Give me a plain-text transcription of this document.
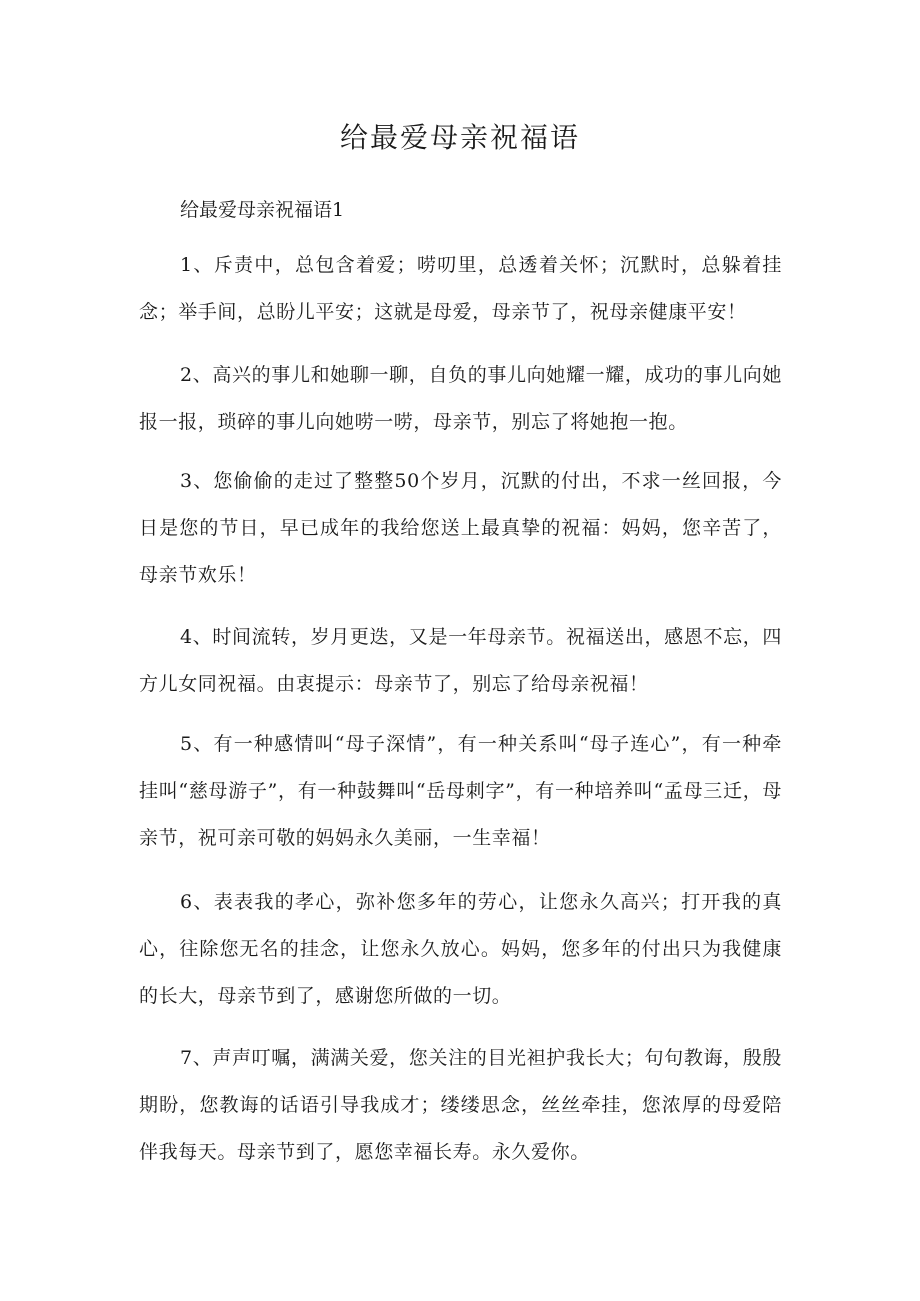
给最爱母亲祝福语

给最爱母亲祝福语1

1、斥责中，总包含着爱；唠叨里，总透着关怀；沉默时，总躲着挂念；举手间，总盼儿平安；这就是母爱，母亲节了，祝母亲健康平安！

2、高兴的事儿和她聊一聊，自负的事儿向她耀一耀，成功的事儿向她报一报，琐碎的事儿向她唠一唠，母亲节，别忘了将她抱一抱。

3、您偷偷的走过了整整50个岁月，沉默的付出，不求一丝回报，今日是您的节日，早已成年的我给您送上最真挚的祝福：妈妈，您辛苦了，母亲节欢乐！

4、时间流转，岁月更迭，又是一年母亲节。祝福送出，感恩不忘，四方儿女同祝福。由衷提示：母亲节了，别忘了给母亲祝福！

5、有一种感情叫“母子深情”，有一种关系叫“母子连心”，有一种牵挂叫“慈母游子”，有一种鼓舞叫“岳母刺字”，有一种培养叫“孟母三迁，母亲节，祝可亲可敬的妈妈永久美丽，一生幸福！

6、表表我的孝心，弥补您多年的劳心，让您永久高兴；打开我的真心，往除您无名的挂念，让您永久放心。妈妈，您多年的付出只为我健康的长大，母亲节到了，感谢您所做的一切。

7、声声叮嘱，满满关爱，您关注的目光袒护我长大；句句教诲，殷殷期盼，您教诲的话语引导我成才；缕缕思念，丝丝牵挂，您浓厚的母爱陪伴我每天。母亲节到了，愿您幸福长寿。永久爱你。
